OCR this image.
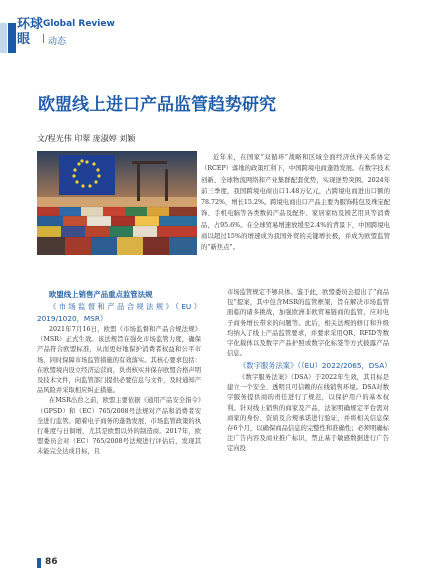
环球
眼
Global Review
| 动态
欧盟线上进口产品监管趋势研究
文/程光伟 印翠 庞淑婷 刘颖
近年来，在国家“双循环”战略和区域全面经济伙伴关系协定（RCEP）落地的政策红利下，中国跨境电商蓬勃发展。在数字技术创新、全球物流网络和产业集群配套优势，实现逆势突围。2024年前三季度，我国跨境电商出口1.48万亿元，占跨境电商进出口额的78.72%，增长15.2%。跨境电商出口产品主要为服饰鞋包及珠宝配饰、手机电脑等各类数码产品及配件、家居家纺及园艺用具等消费品，占95.6%。在全球贸易增速放缓至2.4%的背景下，中国跨境电商以超过15%的增速成为我国外贸的关键增长极，并成为欧盟监管的“新焦点”。
欧盟线上销售产品重点监管法规
《市场监督和产品合规法规》（EU）2019/1020，MSR）

2021年7月16日，欧盟《市场监督和产品合规法规》（MSR）正式生效。该法规旨在强化市场监管力度，确保产品符合欧盟标准，从而更好地保护消费者权益和公平市场，同时保障市场监管措施的有效落实。其核心要求包括：在欧盟境内设立经济运营商，负责核实并保存欧盟合格声明及技术文件，向监管部门提供必要信息与文件，及时通知产品风险并采取相应纠正措施。

在MSR出台之前，欧盟主要依据《通用产品安全指令》（GPSD）和（EC）765/2008号法规对产品和消费者安全进行监管。随着电子商务的蓬勃发展，市场监管政策的执行难度与日俱增，尤其是欧盟以外的制造商。2017年，欧盟委员会对（EC）765/2008号法规进行评估后，发现其未能完全达成目标，且

市场监管规定不够具体。鉴于此，欧盟委员会提出了“商品包”提案，其中包含MSR的监管框架，旨在解决市场监管面临的诸多挑战，加强欧洲非欧贸易链商的监管，应对电子商务增长带来的问题等。此后，相关法规的修订和升级均纳入了线上产品监管要求，并要求采用QR、RFID等数字化载体以及数字产品护照或数字化标签等方式披露产品信息。

《数字服务法案》（（EU）2022/2065，DSA）

《数字服务法案》（DSA）于2022年生效，其目标是建立一个安全、透明且可信赖的在线销售环境。DSA对数字服务提供商的责任进行了规范，以保护用户的基本权利。针对线上销售的商家及产品，法案明确规定平台需对商家的身份、资质及合规承诺进行验证，并将相关信息保存6个月，以确保商品信息的完整性和准确性；必须明确标注广告内容及商业推广标识，禁止基于敏感数据进行广告定向投

86
